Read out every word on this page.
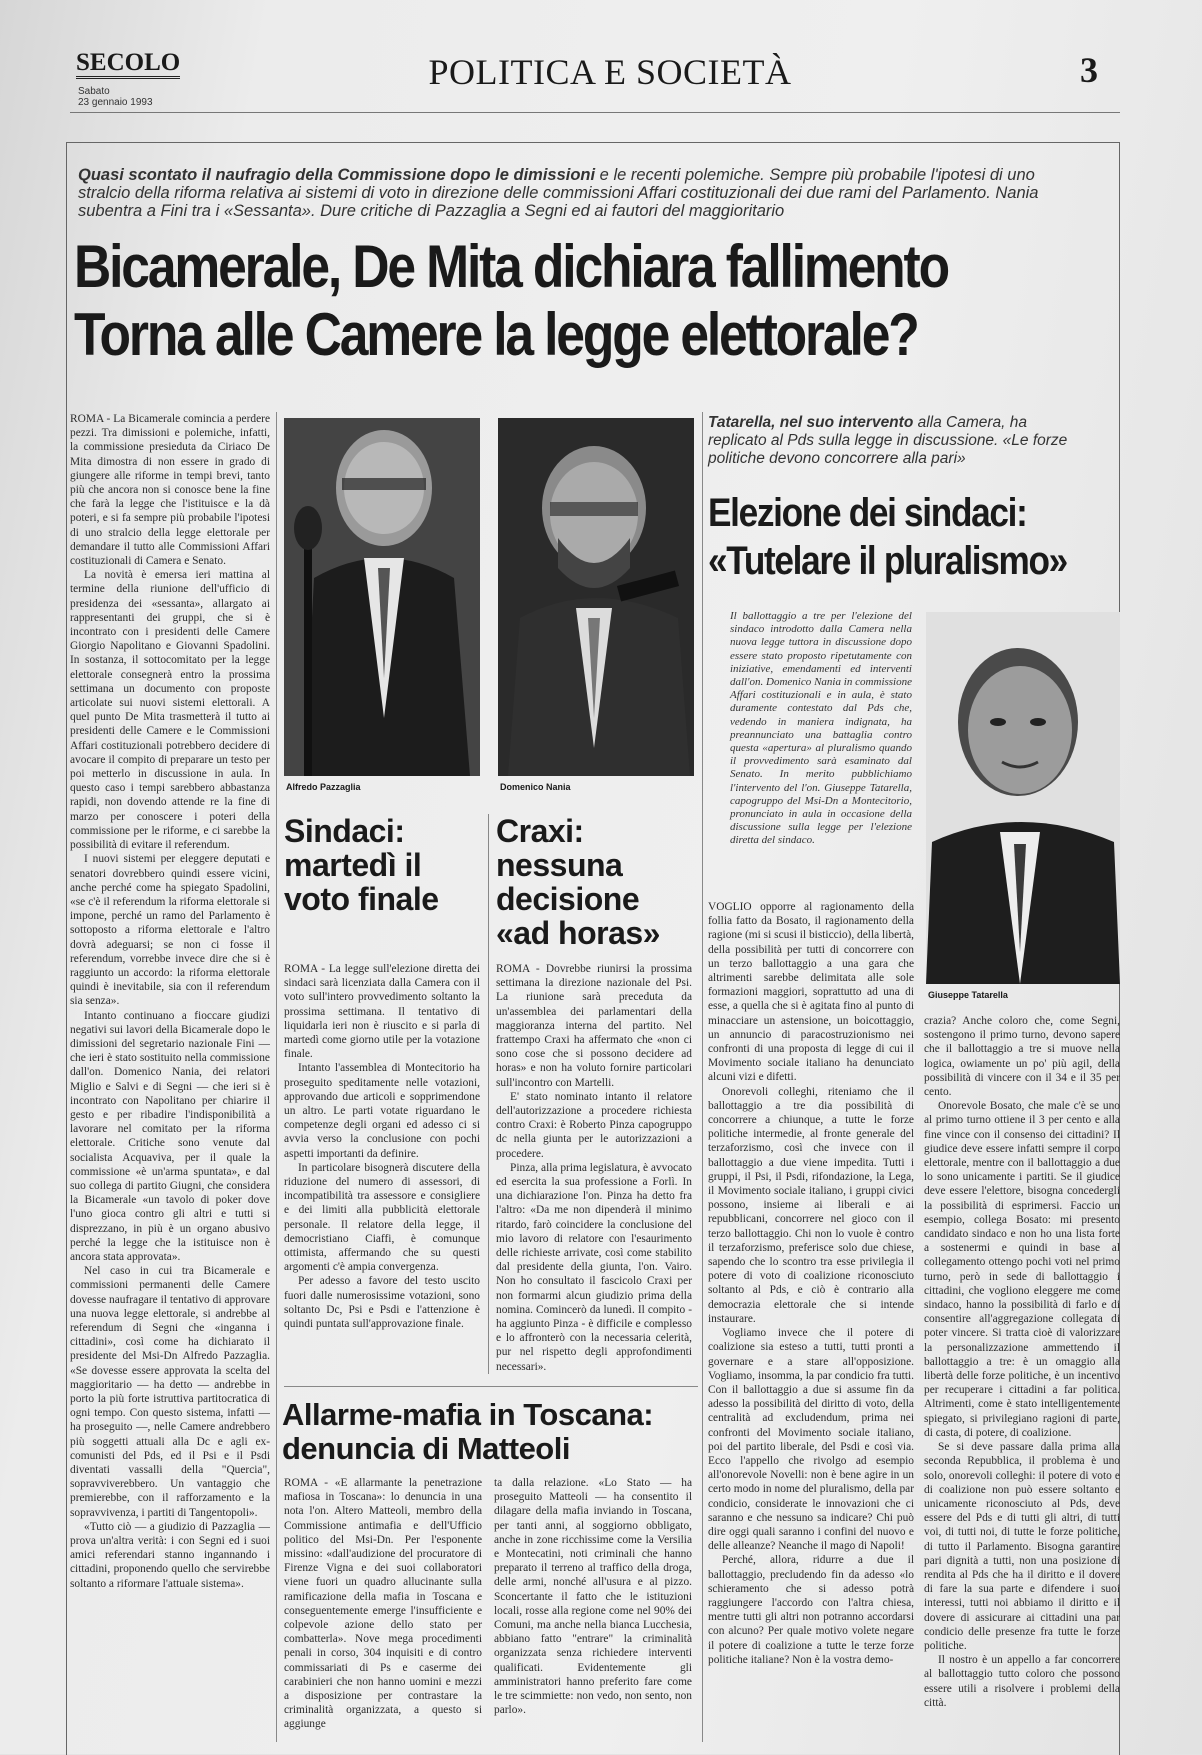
SECOLO
Sabato
23 gennaio 1993
POLITICA E SOCIETÀ	3
Quasi scontato il naufragio della Commissione dopo le dimissioni e le recenti polemiche. Sempre più probabile l'ipotesi di uno stralcio della riforma relativa ai sistemi di voto in direzione delle commissioni Affari costituzionali dei due rami del Parlamento. Nania subentra a Fini tra i «Sessanta». Dure critiche di Pazzaglia a Segni ed ai fautori del maggioritario
Bicamerale, De Mita dichiara fallimento
Torna alle Camere la legge elettorale?

ROMA - La Bicamerale comincia a perdere pezzi. Tra dimissioni e polemiche, infatti, la commissione presieduta da Ciriaco De Mita dimostra di non essere in grado di giungere alle riforme in tempi brevi, tanto più che ancora non si conosce bene la fine che farà la legge che l'istituisce e la dà poteri, e si fa sempre più probabile l'ipotesi di uno stralcio della legge elettorale per demandare il tutto alle Commissioni Affari costituzionali di Camera e Senato.

La novità è emersa ieri mattina al termine della riunione dell'ufficio di presidenza dei «sessanta», allargato ai rappresentanti dei gruppi, che si è incontrato con i presidenti delle Camere Giorgio Napolitano e Giovanni Spadolini. In sostanza, il sottocomitato per la legge elettorale consegnerà entro la prossima settimana un documento con proposte articolate sui nuovi sistemi elettorali. A quel punto De Mita trasmetterà il tutto ai presidenti delle Camere e le Commissioni Affari costituzionali potrebbero decidere di avocare il compito di preparare un testo per poi metterlo in discussione in aula. In questo caso i tempi sarebbero abbastanza rapidi, non dovendo attende re la fine di marzo per conoscere i poteri della commissione per le riforme, e ci sarebbe la possibilità di evitare il referendum.

I nuovi sistemi per eleggere deputati e senatori dovrebbero quindi essere vicini, anche perché come ha spiegato Spadolini, «se c'è il referendum la riforma elettorale si impone, perché un ramo del Parlamento è sottoposto a riforma elettorale e l'altro dovrà adeguarsi; se non ci fosse il referendum, vorrebbe invece dire che si è raggiunto un accordo: la riforma elettorale quindi è inevitabile, sia con il referendum sia senza».

Intanto continuano a fioccare giudizi negativi sui lavori della Bicamerale dopo le dimissioni del segretario nazionale Fini — che ieri è stato sostituito nella commissione dall'on. Domenico Nania, dei relatori Miglio e Salvi e di Segni — che ieri si è incontrato con Napolitano per chiarire il gesto e per ribadire l'indisponibilità a lavorare nel comitato per la riforma elettorale. Critiche sono venute dal socialista Acquaviva, per il quale la commissione «è un'arma spuntata», e dal suo collega di partito Giugni, che considera la Bicamerale «un tavolo di poker dove l'uno gioca contro gli altri e tutti si disprezzano, in più è un organo abusivo perché la legge che la istituisce non è ancora stata approvata».

Nel caso in cui tra Bicamerale e commissioni permanenti delle Camere dovesse naufragare il tentativo di approvare una nuova legge elettorale, si andrebbe al referendum di Segni che «inganna i cittadini», così come ha dichiarato il presidente del Msi-Dn Alfredo Pazzaglia. «Se dovesse essere approvata la scelta del maggioritario — ha detto — andrebbe in porto la più forte istruttiva partitocratica di ogni tempo. Con questo sistema, infatti — ha proseguito —, nelle Camere andrebbero più soggetti attuali alla Dc e agli ex-comunisti del Pds, ed il Psi e il Psdi diventati vassalli della "Quercia", sopravviverebbero. Un vantaggio che premierebbe, con il rafforzamento e la sopravvivenza, i partiti di Tangentopoli».

«Tutto ciò — a giudizio di Pazzaglia — prova un'altra verità: i con Segni ed i suoi amici referendari stanno ingannando i cittadini, proponendo quello che servirebbe soltanto a riformare l'attuale sistema».

Alfredo Pazzaglia	Domenico Nania
Sindaci: martedì il voto finale

ROMA - La legge sull'elezione diretta dei sindaci sarà licenziata dalla Camera con il voto sull'intero provvedimento soltanto la prossima settimana. Il tentativo di liquidarla ieri non è riuscito e si parla di martedì come giorno utile per la votazione finale.

Intanto l'assemblea di Montecitorio ha proseguito speditamente nelle votazioni, approvando due articoli e sopprimendone un altro. Le parti votate riguardano le competenze degli organi ed adesso ci si avvia verso la conclusione con pochi aspetti importanti da definire.

In particolare bisognerà discutere della riduzione del numero di assessori, di incompatibilità tra assessore e consigliere e dei limiti alla pubblicità elettorale personale. Il relatore della legge, il democristiano Ciaffi, è comunque ottimista, affermando che su questi argomenti c'è ampia convergenza.

Per adesso a favore del testo uscito fuori dalle numerosissime votazioni, sono soltanto Dc, Psi e Psdi e l'attenzione è quindi puntata sull'approvazione finale.

Craxi: nessuna decisione «ad horas»

ROMA - Dovrebbe riunirsi la prossima settimana la direzione nazionale del Psi. La riunione sarà preceduta da un'assemblea dei parlamentari della maggioranza interna del partito. Nel frattempo Craxi ha affermato che «non ci sono cose che si possono decidere ad horas» e non ha voluto fornire particolari sull'incontro con Martelli.

E' stato nominato intanto il relatore dell'autorizzazione a procedere richiesta contro Craxi: è Roberto Pinza capogruppo dc nella giunta per le autorizzazioni a procedere.

Pinza, alla prima legislatura, è avvocato ed esercita la sua professione a Forlì. In una dichiarazione l'on. Pinza ha detto fra l'altro: «Da me non dipenderà il minimo ritardo, farò coincidere la conclusione del mio lavoro di relatore con l'esaurimento delle richieste arrivate, così come stabilito dal presidente della giunta, l'on. Vairo. Non ho consultato il fascicolo Craxi per non formarmi alcun giudizio prima della nomina. Comincerò da lunedì. Il compito - ha aggiunto Pinza - è difficile e complesso e lo affronterò con la necessaria celerità, pur nel rispetto degli approfondimenti necessari».

Allarme-mafia in Toscana: denuncia di Matteoli

ROMA - «E allarmante la penetrazione mafiosa in Toscana»: lo denuncia in una nota l'on. Altero Matteoli, membro della Commissione antimafia e dell'Ufficio politico del Msi-Dn. Per l'esponente missino: «dall'audizione del procuratore di Firenze Vigna e dei suoi collaboratori viene fuori un quadro allucinante sulla ramificazione della mafia in Toscana e conseguentemente emerge l'insufficiente e colpevole azione dello stato per combatterla». Nove mega procedimenti penali in corso, 304 inquisiti e di contro commissariati di Ps e caserme dei carabinieri che non hanno uomini e mezzi a disposizione per contrastare la criminalità organizzata, a questo si aggiunge

ta dalla relazione. «Lo Stato — ha proseguito Matteoli — ha consentito il dilagare della mafia inviando in Toscana, per tanti anni, al soggiorno obbligato, anche in zone ricchissime come la Versilia e Montecatini, noti criminali che hanno preparato il terreno al traffico della droga, delle armi, nonché all'usura e al pizzo. Sconcertante il fatto che le istituzioni locali, rosse alla regione come nel 90% dei Comuni, ma anche nella bianca Lucchesia, abbiano fatto "entrare" la criminalità organizzata senza richiedere interventi qualificati. Evidentemente gli amministratori hanno preferito fare come le tre scimmiette: non vedo, non sento, non parlo».

Tatarella, nel suo intervento alla Camera, ha replicato al Pds sulla legge in discussione. «Le forze politiche devono concorrere alla pari»
Elezione dei sindaci:
«Tutelare il pluralismo»
Il ballottaggio a tre per l'elezione del sindaco introdotto dalla Camera nella nuova legge tuttora in discussione dopo essere stato proposto ripetutamente con iniziative, emendamenti ed interventi dall'on. Domenico Nania in commissione Affari costituzionali e in aula, è stato duramente contestato dal Pds che, vedendo in maniera indignata, ha preannunciato una battaglia contro questa «apertura» al pluralismo quando il provvedimento sarà esaminato dal Senato. In merito pubblichiamo l'intervento del l'on. Giuseppe Tatarella, capogruppo del Msi-Dn a Montecitorio, pronunciato in aula in occasione della discussione sulla legge per l'elezione diretta del sindaco.
Giuseppe Tatarella

VOGLIO opporre al ragionamento della follia fatto da Bosato, il ragionamento della ragione (mi si scusi il bisticcio), della libertà, della possibilità per tutti di concorrere con un terzo ballottaggio a una gara che altrimenti sarebbe delimitata alle sole formazioni maggiori, soprattutto ad una di esse, a quella che si è agitata fino al punto di minacciare un astensione, un boicottaggio, un annuncio di paracostruzionismo nei confronti di una proposta di legge di cui il Movimento sociale italiano ha denunciato alcuni vizi e difetti.

Onorevoli colleghi, riteniamo che il ballottaggio a tre dia possibilità di concorrere a chiunque, a tutte le forze politiche intermedie, al fronte generale del terzaforzismo, così che invece con il ballottaggio a due viene impedita. Tutti i gruppi, il Psi, il Psdi, rifondazione, la Lega, il Movimento sociale italiano, i gruppi civici possono, insieme ai liberali e ai repubblicani, concorrere nel gioco con il terzo ballottaggio. Chi non lo vuole è contro il terzaforzismo, preferisce solo due chiese, sapendo che lo scontro tra esse privilegia il potere di voto di coalizione riconosciuto soltanto al Pds, e ciò è contrario alla democrazia elettorale che si intende instaurare.

Vogliamo invece che il potere di coalizione sia esteso a tutti, tutti pronti a governare e a stare all'opposizione. Vogliamo, insomma, la par condicio fra tutti. Con il ballottaggio a due si assume fin da adesso la possibilità del diritto di voto, della centralità ad excludendum, prima nei confronti del Movimento sociale italiano, poi del partito liberale, del Psdi e così via. Ecco l'appello che rivolgo ad esempio all'onorevole Novelli: non è bene agire in un certo modo in nome del pluralismo, della par condicio, considerate le innovazioni che ci saranno e che nessuno sa indicare? Chi può dire oggi quali saranno i confini del nuovo e delle alleanze? Neanche il mago di Napoli!

Perché, allora, ridurre a due il ballottaggio, precludendo fin da adesso «lo schieramento che si adesso potrà raggiungere l'accordo con l'altra chiesa, mentre tutti gli altri non potranno accordarsi con alcuno? Per quale motivo volete negare il potere di coalizione a tutte le terze forze politiche italiane? Non è la vostra demo-

crazia? Anche coloro che, come Segni, sostengono il primo turno, devono sapere che il ballottaggio a tre si muove nella logica, owiamente un po' più agil, della possibilità di vincere con il 34 e il 35 per cento.

Onorevole Bosato, che male c'è se uno al primo turno ottiene il 3 per cento e alla fine vince con il consenso dei cittadini? Il giudice deve essere infatti sempre il corpo elettorale, mentre con il ballottaggio a due lo sono unicamente i partiti. Se il giudice deve essere l'elettore, bisogna concedergli la possibilità di esprimersi. Faccio un esempio, collega Bosato: mi presento candidato sindaco e non ho una lista forte a sostenermi e quindi in base al collegamento ottengo pochi voti nel primo turno, però in sede di ballottaggio i cittadini, che vogliono eleggere me come sindaco, hanno la possibilità di farlo e di consentire all'aggregazione collegata di poter vincere. Si tratta cioè di valorizzare la personalizzazione ammettendo il ballottaggio a tre: è un omaggio alla libertà delle forze politiche, è un incentivo per recuperare i cittadini a far politica. Altrimenti, come è stato intelligentemente spiegato, si privilegiano ragioni di parte, di casta, di potere, di coalizione.

Se si deve passare dalla prima alla seconda Repubblica, il problema è uno solo, onorevoli colleghi: il potere di voto e di coalizione non può essere soltanto e unicamente riconosciuto al Pds, deve essere del Pds e di tutti gli altri, di tutti voi, di tutti noi, di tutte le forze politiche, di tutto il Parlamento. Bisogna garantire pari dignità a tutti, non una posizione di rendita al Pds che ha il diritto e il dovere di fare la sua parte e difendere i suoi interessi, tutti noi abbiamo il diritto e il dovere di assicurare ai cittadini una par condicio delle presenze fra tutte le forze politiche.

Il nostro è un appello a far concorrere al ballottaggio tutto coloro che possono essere utili a risolvere i problemi della città.
